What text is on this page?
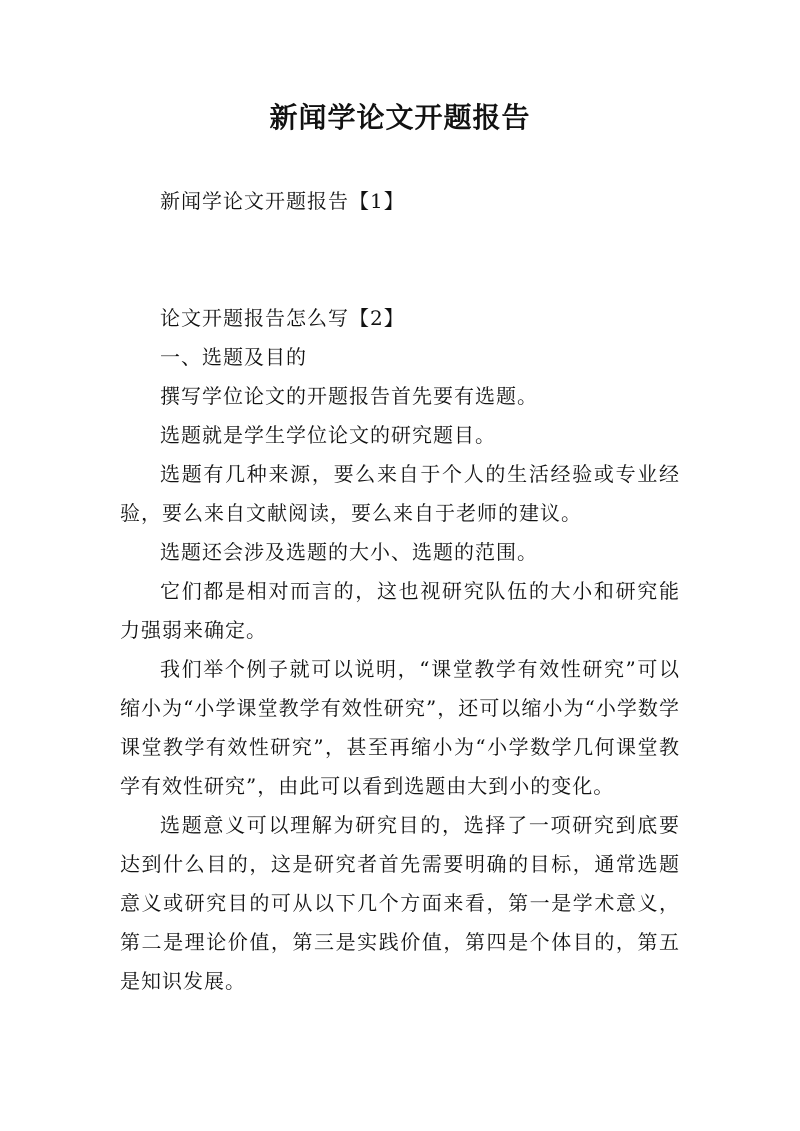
新闻学论文开题报告

新闻学论文开题报告【1】

论文开题报告怎么写【2】

一、选题及目的

撰写学位论文的开题报告首先要有选题。

选题就是学生学位论文的研究题目。

选题有几种来源，要么来自于个人的生活经验或专业经验，要么来自文献阅读，要么来自于老师的建议。

选题还会涉及选题的大小、选题的范围。

它们都是相对而言的，这也视研究队伍的大小和研究能力强弱来确定。

我们举个例子就可以说明，“课堂教学有效性研究”可以缩小为“小学课堂教学有效性研究”，还可以缩小为“小学数学课堂教学有效性研究”，甚至再缩小为“小学数学几何课堂教学有效性研究”，由此可以看到选题由大到小的变化。

选题意义可以理解为研究目的，选择了一项研究到底要达到什么目的，这是研究者首先需要明确的目标，通常选题意义或研究目的可从以下几个方面来看，第一是学术意义，第二是理论价值，第三是实践价值，第四是个体目的，第五是知识发展。
